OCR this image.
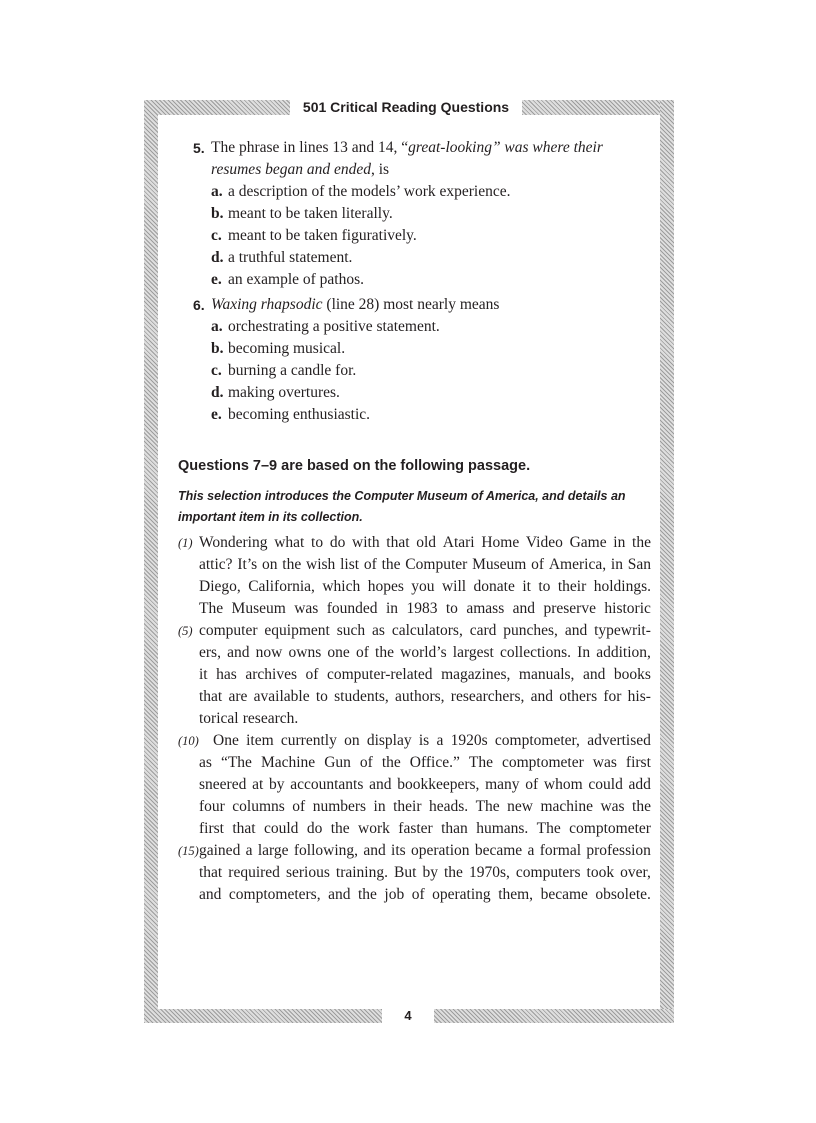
501 Critical Reading Questions
5. The phrase in lines 13 and 14, “great-looking” was where their resumes began and ended, is
a. a description of the models’ work experience.
b. meant to be taken literally.
c. meant to be taken figuratively.
d. a truthful statement.
e. an example of pathos.
6. Waxing rhapsodic (line 28) most nearly means
a. orchestrating a positive statement.
b. becoming musical.
c. burning a candle for.
d. making overtures.
e. becoming enthusiastic.
Questions 7–9 are based on the following passage.
This selection introduces the Computer Museum of America, and details an important item in its collection.
(1)
(5)
(10)
(15)
Wondering what to do with that old Atari Home Video Game in the
attic? It’s on the wish list of the Computer Museum of America, in San
Diego, California, which hopes you will donate it to their holdings.
The Museum was founded in 1983 to amass and preserve historic
computer equipment such as calculators, card punches, and typewrit-
ers, and now owns one of the world’s largest collections. In addition,
it has archives of computer-related magazines, manuals, and books
that are available to students, authors, researchers, and others for his-
torical research.
One item currently on display is a 1920s comptometer, advertised
as “The Machine Gun of the Office.” The comptometer was first
sneered at by accountants and bookkeepers, many of whom could add
four columns of numbers in their heads. The new machine was the
first that could do the work faster than humans. The comptometer
gained a large following, and its operation became a formal profession
that required serious training. But by the 1970s, computers took over,
and comptometers, and the job of operating them, became obsolete.
4
